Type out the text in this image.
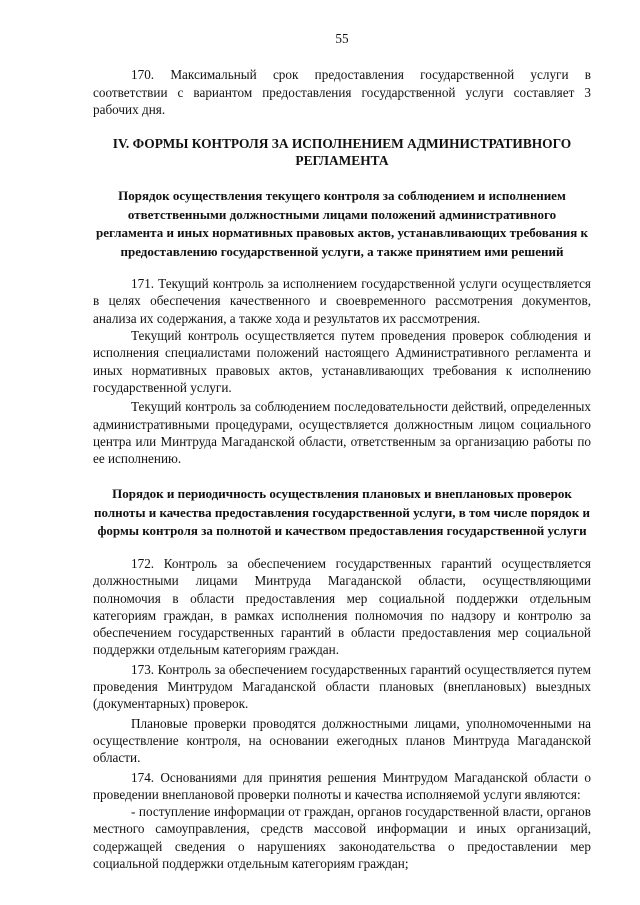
55

170. Максимальный срок предоставления государственной услуги в соответствии с вариантом предоставления государственной услуги составляет 3 рабочих дня.

IV. ФОРМЫ КОНТРОЛЯ ЗА ИСПОЛНЕНИЕМ АДМИНИСТРАТИВНОГО РЕГЛАМЕНТА
Порядок осуществления текущего контроля за соблюдением и исполнением ответственными должностными лицами положений административного регламента и иных нормативных правовых актов, устанавливающих требования к предоставлению государственной услуги, а также принятием ими решений

171. Текущий контроль за исполнением государственной услуги осуществляется в целях обеспечения качественного и своевременного рассмотрения документов, анализа их содержания, а также хода и результатов их рассмотрения.

Текущий контроль осуществляется путем проведения проверок соблюдения и исполнения специалистами положений настоящего Административного регламента и иных нормативных правовых актов, устанавливающих требования к исполнению государственной услуги.

Текущий контроль за соблюдением последовательности действий, определенных административными процедурами, осуществляется должностным лицом социального центра или Минтруда Магаданской области, ответственным за организацию работы по ее исполнению.

Порядок и периодичность осуществления плановых и внеплановых проверок полноты и качества предоставления государственной услуги, в том числе порядок и формы контроля за полнотой и качеством предоставления государственной услуги

172. Контроль за обеспечением государственных гарантий осуществляется должностными лицами Минтруда Магаданской области, осуществляющими полномочия в области предоставления мер социальной поддержки отдельным категориям граждан, в рамках исполнения полномочия по надзору и контролю за обеспечением государственных гарантий в области предоставления мер социальной поддержки отдельным категориям граждан.

173. Контроль за обеспечением государственных гарантий осуществляется путем проведения Минтрудом Магаданской области плановых (внеплановых) выездных (документарных) проверок.

Плановые проверки проводятся должностными лицами, уполномоченными на осуществление контроля, на основании ежегодных планов Минтруда Магаданской области.

174. Основаниями для принятия решения Минтрудом Магаданской области о проведении внеплановой проверки полноты и качества исполняемой услуги являются:

- поступление информации от граждан, органов государственной власти, органов местного самоуправления, средств массовой информации и иных организаций, содержащей сведения о нарушениях законодательства о предоставлении мер социальной поддержки отдельным категориям граждан;
